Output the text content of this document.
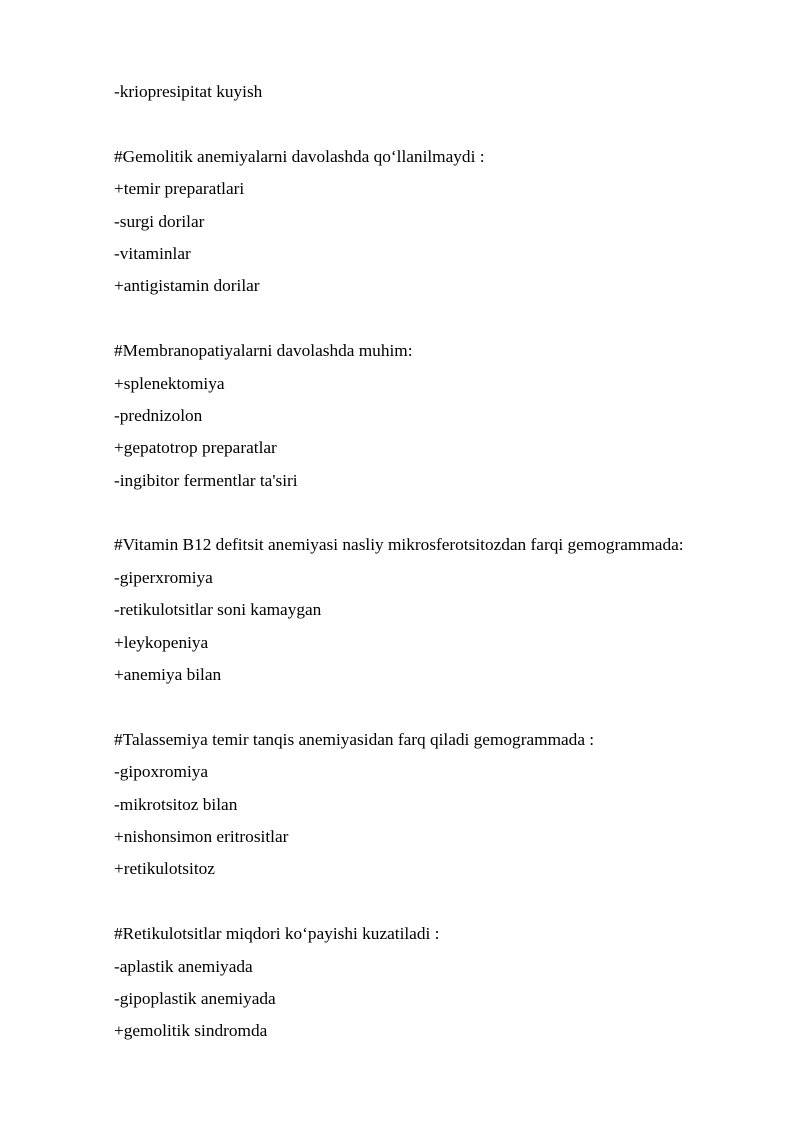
-kriopresipitat kuyish

#Gemolitik anemiyalarni davolashda qo‘llanilmaydi :

+temir preparatlari

-surgi dorilar

-vitaminlar

+antigistamin dorilar

#Membranopatiyalarni davolashda muhim:

+splenektomiya

-prednizolon

+gepatotrop preparatlar

-ingibitor fermentlar ta'siri

#Vitamin B12 defitsit anemiyasi nasliy mikrosferotsitozdan farqi gemogrammada:

-giperxromiya

-retikulotsitlar soni kamaygan

+leykopeniya

+anemiya bilan

#Talassemiya temir tanqis anemiyasidan farq qiladi gemogrammada :

-gipoxromiya

-mikrotsitoz bilan

+nishonsimon eritrositlar

+retikulotsitoz

#Retikulotsitlar miqdori ko‘payishi kuzatiladi :

-aplastik anemiyada

-gipoplastik anemiyada

+gemolitik sindromda
